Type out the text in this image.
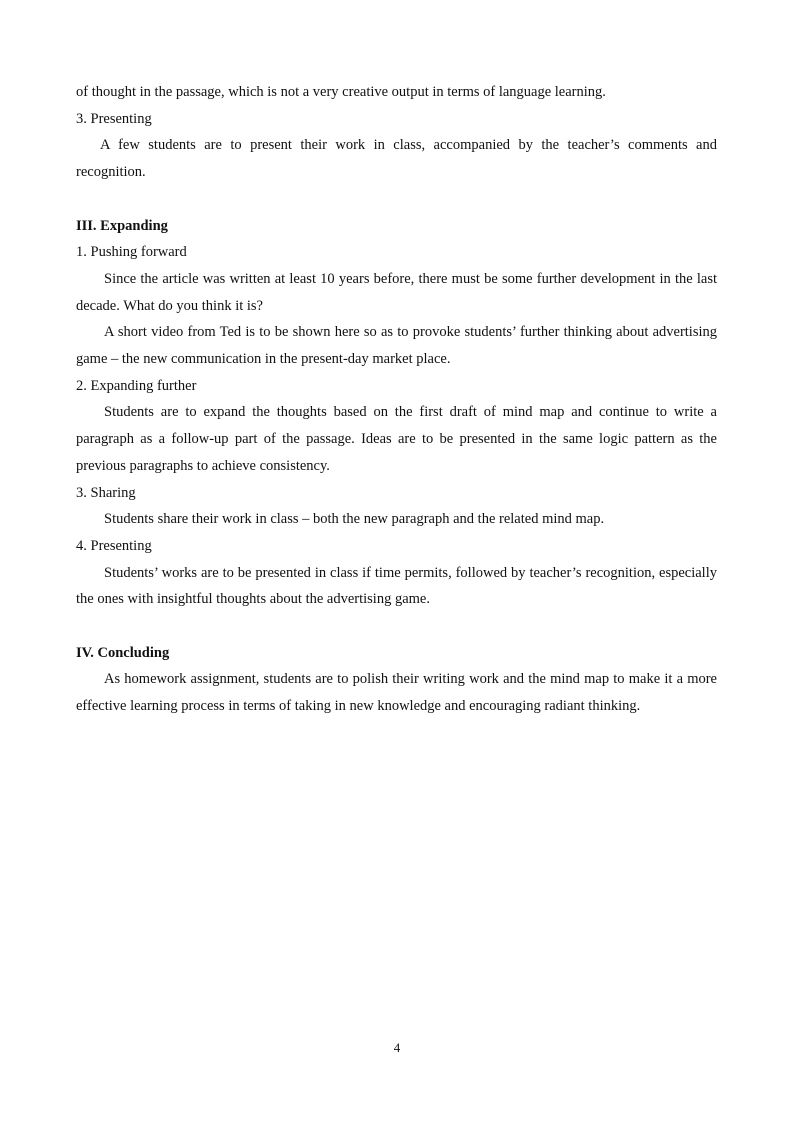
of thought in the passage, which is not a very creative output in terms of language learning.

3. Presenting

A few students are to present their work in class, accompanied by the teacher’s comments and recognition.

III. Expanding

1. Pushing forward

Since the article was written at least 10 years before, there must be some further development in the last decade. What do you think it is?

A short video from Ted is to be shown here so as to provoke students’ further thinking about advertising game – the new communication in the present-day market place.

2. Expanding further

Students are to expand the thoughts based on the first draft of mind map and continue to write a paragraph as a follow-up part of the passage. Ideas are to be presented in the same logic pattern as the previous paragraphs to achieve consistency.

3. Sharing

Students share their work in class – both the new paragraph and the related mind map.

4. Presenting

Students’ works are to be presented in class if time permits, followed by teacher’s recognition, especially the ones with insightful thoughts about the advertising game.

IV. Concluding

As homework assignment, students are to polish their writing work and the mind map to make it a more effective learning process in terms of taking in new knowledge and encouraging radiant thinking.

4
